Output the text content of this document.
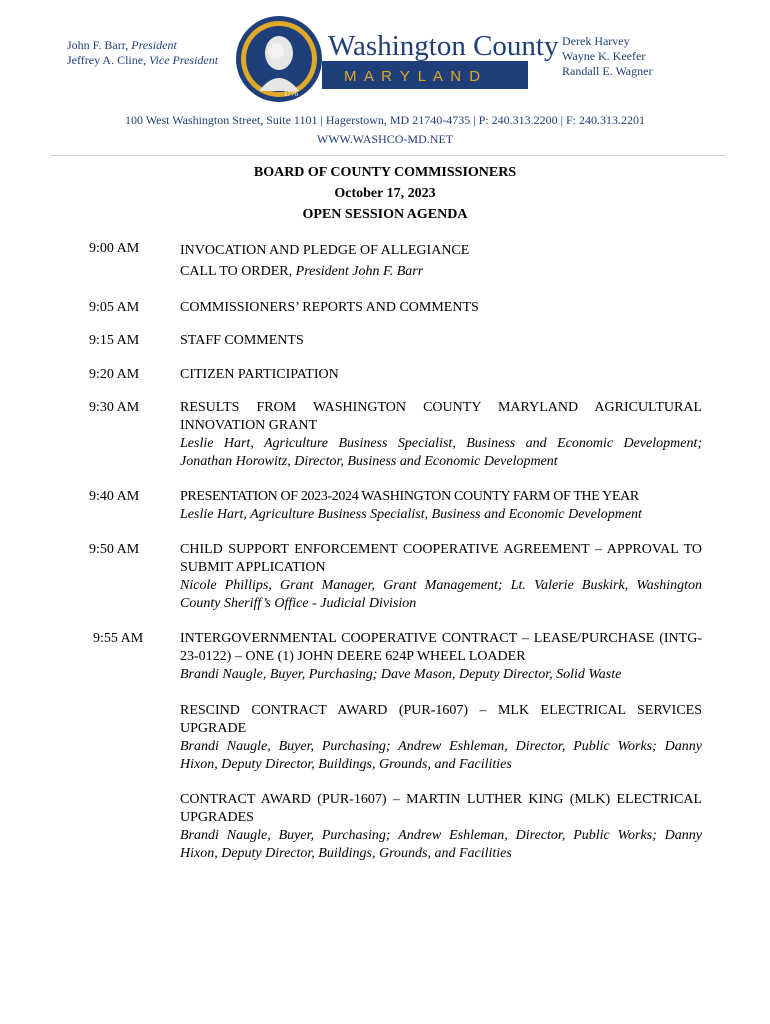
John F. Barr, President
Jeffrey A. Cline, Vice President
1776
Washington County
M A R Y L A N D
Derek Harvey
Wayne K. Keefer
Randall E. Wagner
100 West Washington Street, Suite 1101 | Hagerstown, MD 21740-4735 | P: 240.313.2200 | F: 240.313.2201
WWW.WASHCO-MD.NET
BOARD OF COUNTY COMMISSIONERS
October 17, 2023
OPEN SESSION AGENDA
9:00 AM	INVOCATION AND PLEDGE OF ALLEGIANCE
CALL TO ORDER, President John F. Barr
9:05 AM	COMMISSIONERS’ REPORTS AND COMMENTS
9:15 AM	STAFF COMMENTS
9:20 AM	CITIZEN PARTICIPATION
9:30 AM	RESULTS FROM WASHINGTON COUNTY MARYLAND AGRICULTURAL INNOVATION GRANT
Leslie Hart, Agriculture Business Specialist, Business and Economic Development; Jonathan Horowitz, Director, Business and Economic Development
9:40 AM	PRESENTATION OF 2023-2024 WASHINGTON COUNTY FARM OF THE YEAR
Leslie Hart, Agriculture Business Specialist, Business and Economic Development
9:50 AM	CHILD SUPPORT ENFORCEMENT COOPERATIVE AGREEMENT – APPROVAL TO SUBMIT APPLICATION
Nicole Phillips, Grant Manager, Grant Management; Lt. Valerie Buskirk, Washington County Sheriff’s Office - Judicial Division
9:55 AM	INTERGOVERNMENTAL COOPERATIVE CONTRACT – LEASE/PURCHASE (INTG-23-0122) – ONE (1) JOHN DEERE 624P WHEEL LOADER
Brandi Naugle, Buyer, Purchasing; Dave Mason, Deputy Director, Solid Waste
RESCIND CONTRACT AWARD (PUR-1607) – MLK ELECTRICAL SERVICES UPGRADE
Brandi Naugle, Buyer, Purchasing; Andrew Eshleman, Director, Public Works; Danny Hixon, Deputy Director, Buildings, Grounds, and Facilities
CONTRACT AWARD (PUR-1607) – MARTIN LUTHER KING (MLK) ELECTRICAL UPGRADES
Brandi Naugle, Buyer, Purchasing; Andrew Eshleman, Director, Public Works; Danny Hixon, Deputy Director, Buildings, Grounds, and Facilities
